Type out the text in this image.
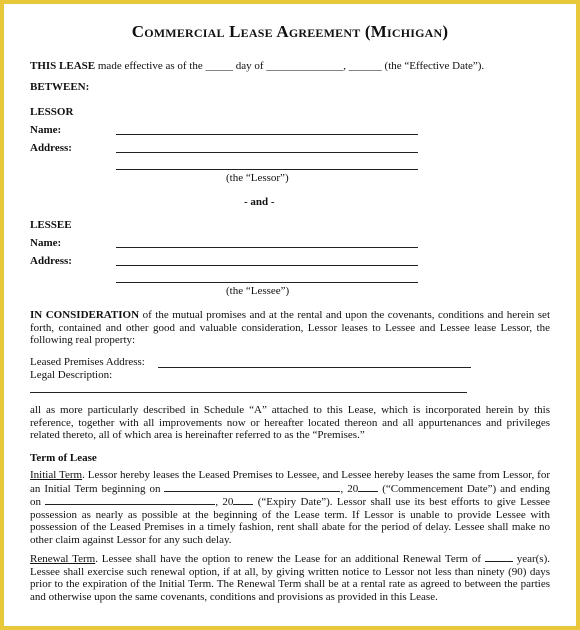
Commercial Lease Agreement (Michigan)
THIS LEASE made effective as of the _____ day of ______________, ______ (the “Effective Date”).
BETWEEN:
LESSOR
Name:
Address:
(the “Lessor”)
- and -
LESSEE
Name:
Address:
(the “Lessee”)
IN CONSIDERATION of the mutual promises and at the rental and upon the covenants, conditions and herein set forth, contained and other good and valuable consideration, Lessor leases to Lessee and Lessee lease Lessor, the following real property:
Leased Premises Address:
Legal Description:
all as more particularly described in Schedule “A” attached to this Lease, which is incorporated herein by this reference, together with all improvements now or hereafter located thereon and all appurtenances and privileges related thereto, all of which area is hereinafter referred to as the “Premises.”
Term of Lease
Initial Term. Lessor hereby leases the Leased Premises to Lessee, and Lessee hereby leases the same from Lessor, for an Initial Term beginning on	, 20 (“Commencement Date”) and ending on	, 20 (“Expiry Date”). Lessor shall use its best efforts to give Lessee possession as nearly as possible at the beginning of the Lease term. If Lessor is unable to provide Lessee with possession of the Leased Premises in a timely fashion, rent shall abate for the period of delay. Lessee shall make no other claim against Lessor for any such delay.
Renewal Term. Lessee shall have the option to renew the Lease for an additional Renewal Term of	year(s). Lessee shall exercise such renewal option, if at all, by giving written notice to Lessor not less than ninety (90) days prior to the expiration of the Initial Term. The Renewal Term shall be at a rental rate as agreed to between the parties and otherwise upon the same covenants, conditions and provisions as provided in this Lease.
